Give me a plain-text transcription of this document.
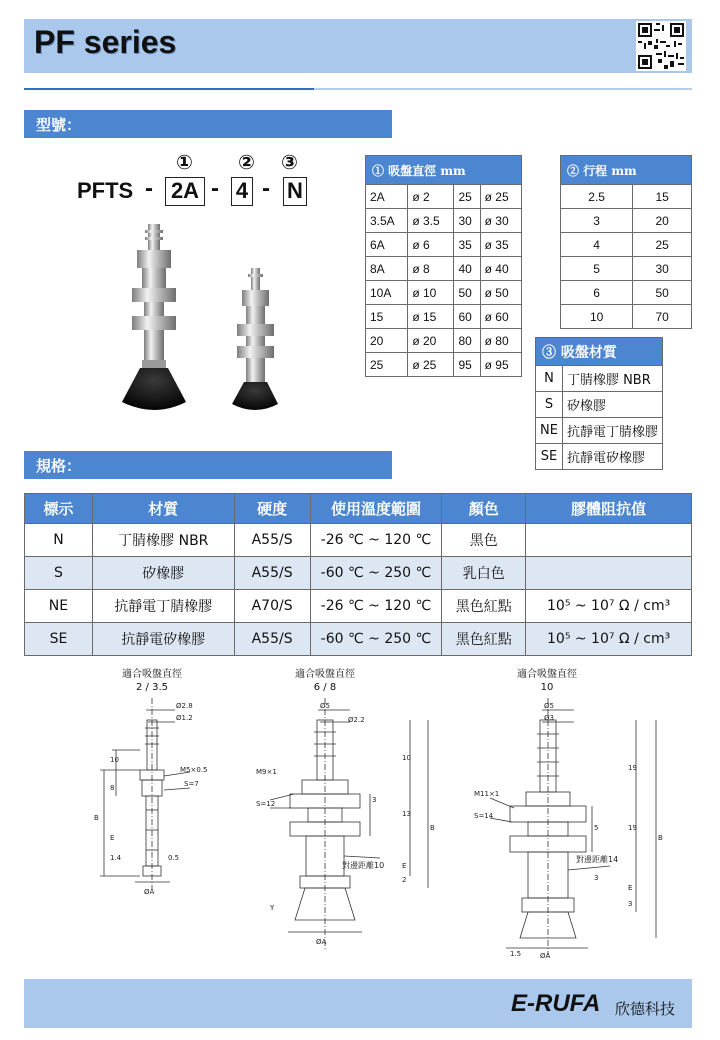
PF series
型號：
① ② ③
PFTS - 2A - 4 - N
① 吸盤直徑 mm			
2A	ø 2	25	ø 25
3.5A	ø 3.5	30	ø 30
6A	ø 6	35	ø 35
8A	ø 8	40	ø 40
10A	ø 10	50	ø 50
15	ø 15	60	ø 60
20	ø 20	80	ø 80
25	ø 25	95	ø 95
② 行程 mm	
2.5	15
3	20
4	25
5	30
6	50
10	70
③ 吸盤材質	
N	丁腈橡膠 NBR
S	矽橡膠
NE	抗靜電丁腈橡膠
SE	抗靜電矽橡膠
規格：
標示	材質	硬度	使用溫度範圍	顏色	膠體阻抗值
N	丁腈橡膠 NBR	A55/S	-26 ℃ ~ 120 ℃	黑色	
S	矽橡膠	A55/S	-60 ℃ ~ 250 ℃	乳白色	
NE	抗靜電丁腈橡膠	A70/S	-26 ℃ ~ 120 ℃	黑色紅點	10⁵ ~ 10⁷ Ω / cm³
SE	抗靜電矽橡膠	A55/S	-60 ℃ ~ 250 ℃	黑色紅點	10⁵ ~ 10⁷ Ω / cm³
適合吸盤直徑
2 / 3.5
適合吸盤直徑
6 / 8
適合吸盤直徑
10
Ø2.8
Ø1.2
M5×0.5
S=7
B
E
10
8
1.4	0.5
ØA
Ø5
Ø2.2
M9×1
S=12
對邊距離10
B
E
Y
10
3
13
2
ØA
Ø5
Ø3
M11×1
S=14
對邊距離14
B
E
19
5	19
3
3
1.5	ØA
E-RUFA 欣德科技
